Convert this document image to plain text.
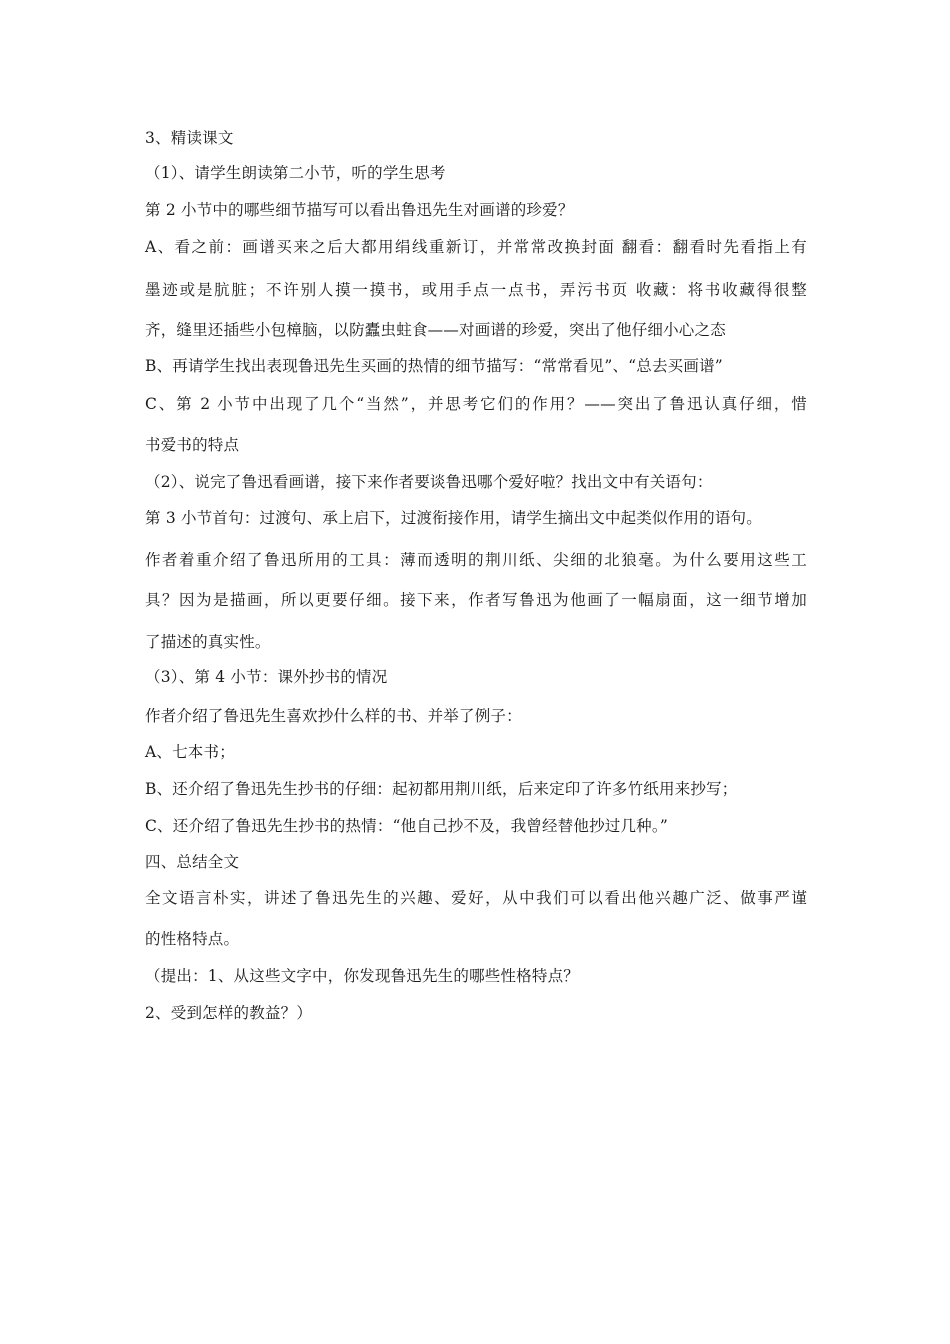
3、精读课文
（1）、请学生朗读第二小节，听的学生思考
第 2 小节中的哪些细节描写可以看出鲁迅先生对画谱的珍爱？
A、看之前：画谱买来之后大都用绢线重新订，并常常改换封面 翻看：翻看时先看指上有
墨迹或是肮脏；不许别人摸一摸书，或用手点一点书，弄污书页 收藏：将书收藏得很整
齐，缝里还插些小包樟脑，以防蠹虫蛀食——对画谱的珍爱，突出了他仔细小心之态
B、再请学生找出表现鲁迅先生买画的热情的细节描写：“常常看见”、“总去买画谱”
C、第 2 小节中出现了几个“当然”，并思考它们的作用？——突出了鲁迅认真仔细，惜
书爱书的特点
（2）、说完了鲁迅看画谱，接下来作者要谈鲁迅哪个爱好啦？找出文中有关语句：
第 3 小节首句：过渡句、承上启下，过渡衔接作用，请学生摘出文中起类似作用的语句。
作者着重介绍了鲁迅所用的工具：薄而透明的荆川纸、尖细的北狼毫。为什么要用这些工
具？因为是描画，所以更要仔细。接下来，作者写鲁迅为他画了一幅扇面，这一细节增加
了描述的真实性。
（3）、第 4 小节：课外抄书的情况
作者介绍了鲁迅先生喜欢抄什么样的书、并举了例子：
A、七本书；
B、还介绍了鲁迅先生抄书的仔细：起初都用荆川纸，后来定印了许多竹纸用来抄写；
C、还介绍了鲁迅先生抄书的热情：“他自己抄不及，我曾经替他抄过几种。”
四、总结全文
全文语言朴实，讲述了鲁迅先生的兴趣、爱好，从中我们可以看出他兴趣广泛、做事严谨
的性格特点。
（提出：1、从这些文字中，你发现鲁迅先生的哪些性格特点？
2、受到怎样的教益？）
